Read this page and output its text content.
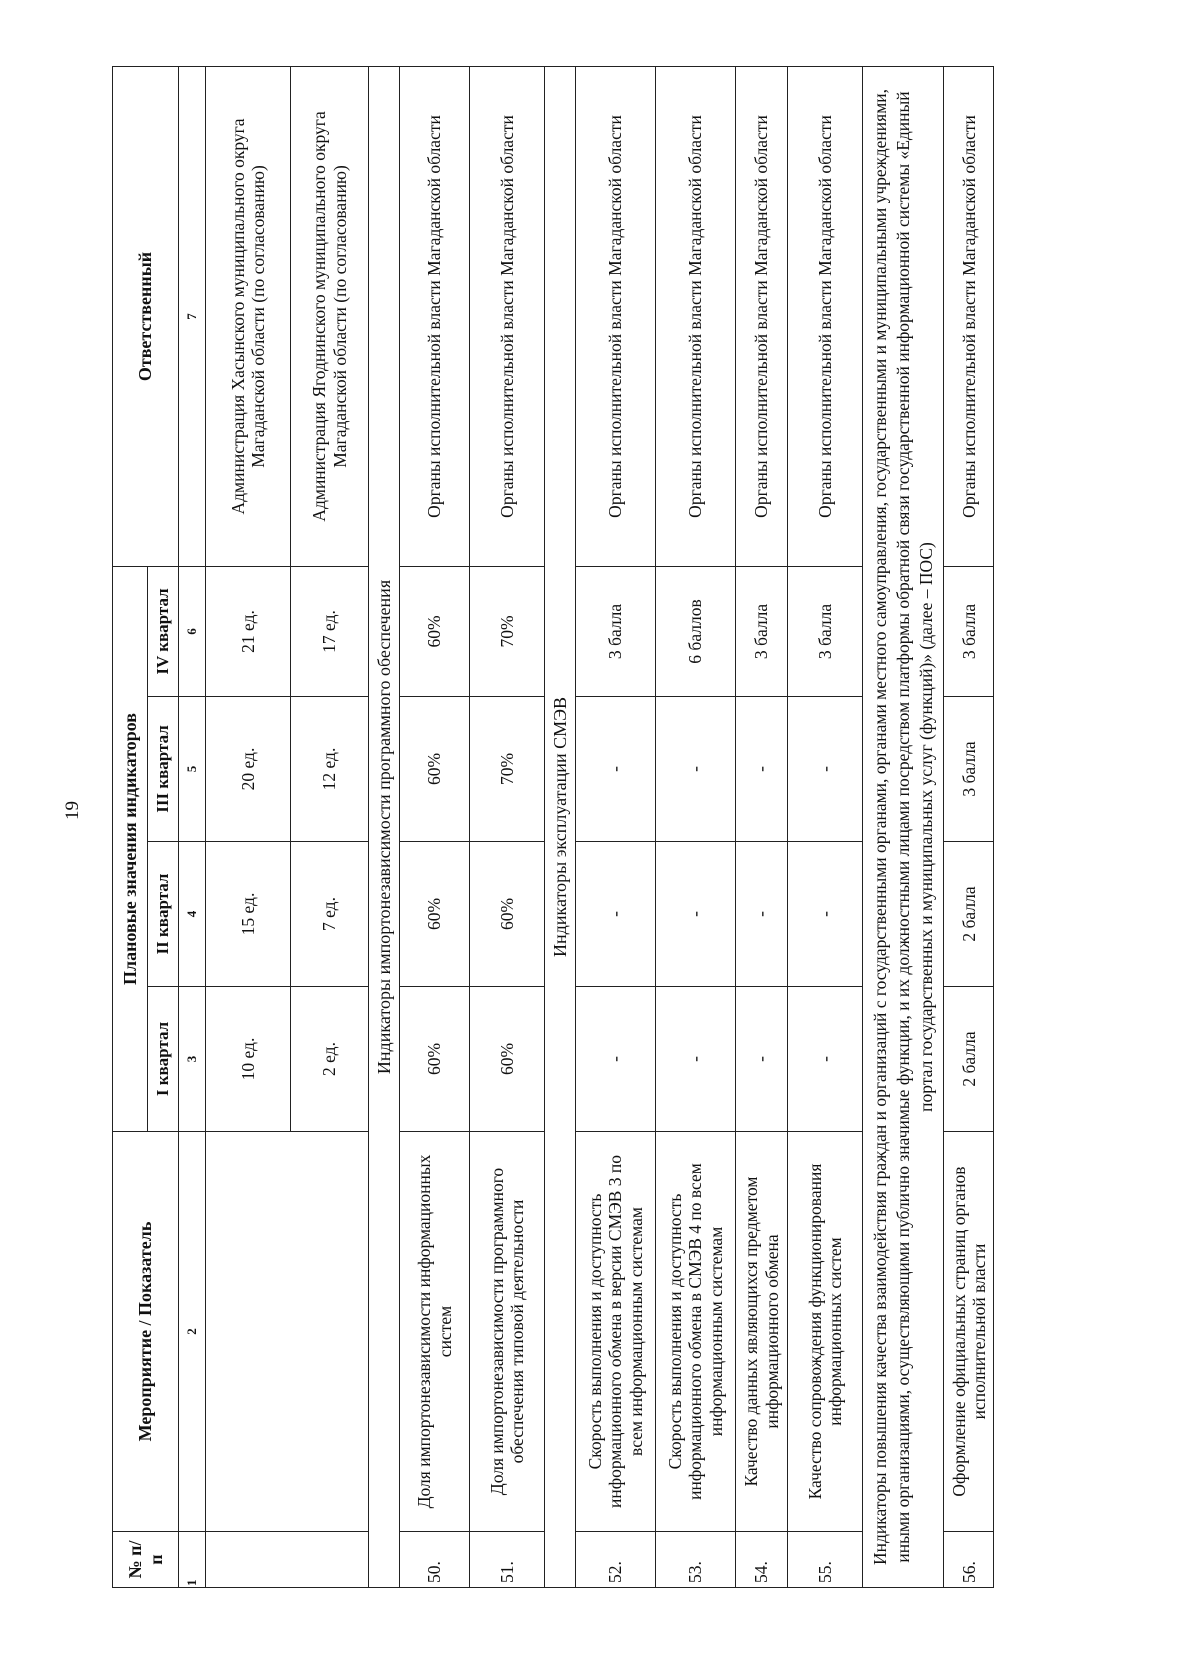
19
№ п/п	Мероприятие / Показатель	Плановые значения индикаторов				Ответственный
		I квартал	II квартал	III квартал	IV квартал	
1	2	3	4	5	6	7
		10 ед.	15 ед.	20 ед.	21 ед.	Администрация Хасынского муниципального округа Магаданской области (по согласованию)
		2 ед.	7 ед.	12 ед.	17 ед.	Администрация Ягоднинского муниципального округа Магаданской области (по согласованию)
Индикаторы импортонезависимости программного обеспечения						
50.	Доля импортонезависимости информационных систем	60%	60%	60%	60%	Органы исполнительной власти Магаданской области
51.	Доля импортонезависимости программного обеспечения типовой деятельности	60%	60%	70%	70%	Органы исполнительной власти Магаданской области
Индикаторы эксплуатации СМЭВ						
52.	Скорость выполнения и доступность информационного обмена в версии СМЭВ 3 по всем информационным системам	-	-	-	3 балла	Органы исполнительной власти Магаданской области
53.	Скорость выполнения и доступность информационного обмена в СМЭВ 4 по всем информационным системам	-	-	-	6 баллов	Органы исполнительной власти Магаданской области
54.	Качество данных являющихся предметом информационного обмена	-	-	-	3 балла	Органы исполнительной власти Магаданской области
55.	Качество сопровождения функционирования информационных систем	-	-	-	3 балла	Органы исполнительной власти Магаданской области
Индикаторы повышения качества взаимодействия граждан и организаций с государственными органами, органами местного самоуправления, государственными и муниципальными учреждениями, иными организациями, осуществляющими публично значимые функции, и их должностными лицами посредством платформы обратной связи государственной информационной системы «Единый портал государственных и муниципальных услуг (функций)» (далее – ПОС)						
56.	Оформление официальных страниц органов исполнительной власти	2 балла	2 балла	3 балла	3 балла	Органы исполнительной власти Магаданской области
